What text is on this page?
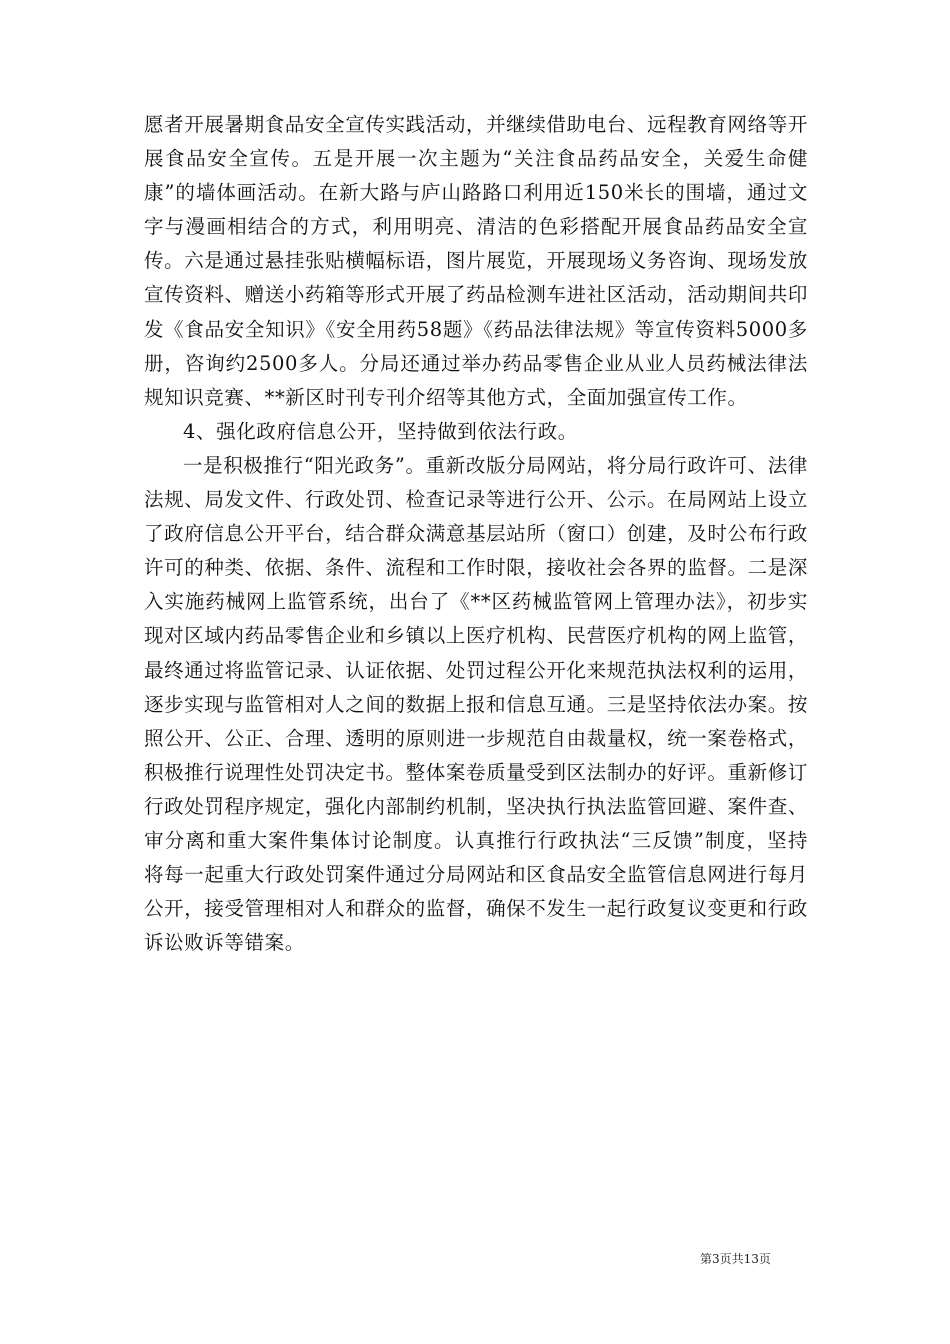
愿者开展暑期食品安全宣传实践活动，并继续借助电台、远程教育网络等开展食品安全宣传。五是开展一次主题为“关注食品药品安全，关爱生命健康”的墙体画活动。在新大路与庐山路路口利用近150米长的围墙，通过文字与漫画相结合的方式，利用明亮、清洁的色彩搭配开展食品药品安全宣传。六是通过悬挂张贴横幅标语，图片展览，开展现场义务咨询、现场发放宣传资料、赠送小药箱等形式开展了药品检测车进社区活动，活动期间共印发《食品安全知识》《安全用药58题》《药品法律法规》等宣传资料5000多册，咨询约2500多人。分局还通过举办药品零售企业从业人员药械法律法规知识竞赛、**新区时刊专刊介绍等其他方式，全面加强宣传工作。

4、强化政府信息公开，坚持做到依法行政。

一是积极推行“阳光政务”。重新改版分局网站，将分局行政许可、法律法规、局发文件、行政处罚、检查记录等进行公开、公示。在局网站上设立了政府信息公开平台，结合群众满意基层站所（窗口）创建，及时公布行政许可的种类、依据、条件、流程和工作时限，接收社会各界的监督。二是深入实施药械网上监管系统，出台了《**区药械监管网上管理办法》，初步实现对区域内药品零售企业和乡镇以上医疗机构、民营医疗机构的网上监管，最终通过将监管记录、认证依据、处罚过程公开化来规范执法权利的运用，逐步实现与监管相对人之间的数据上报和信息互通。三是坚持依法办案。按照公开、公正、合理、透明的原则进一步规范自由裁量权，统一案卷格式，积极推行说理性处罚决定书。整体案卷质量受到区法制办的好评。重新修订行政处罚程序规定，强化内部制约机制，坚决执行执法监管回避、案件查、审分离和重大案件集体讨论制度。认真推行行政执法“三反馈”制度，坚持将每一起重大行政处罚案件通过分局网站和区食品安全监管信息网进行每月公开，接受管理相对人和群众的监督，确保不发生一起行政复议变更和行政诉讼败诉等错案。

第3页共13页
